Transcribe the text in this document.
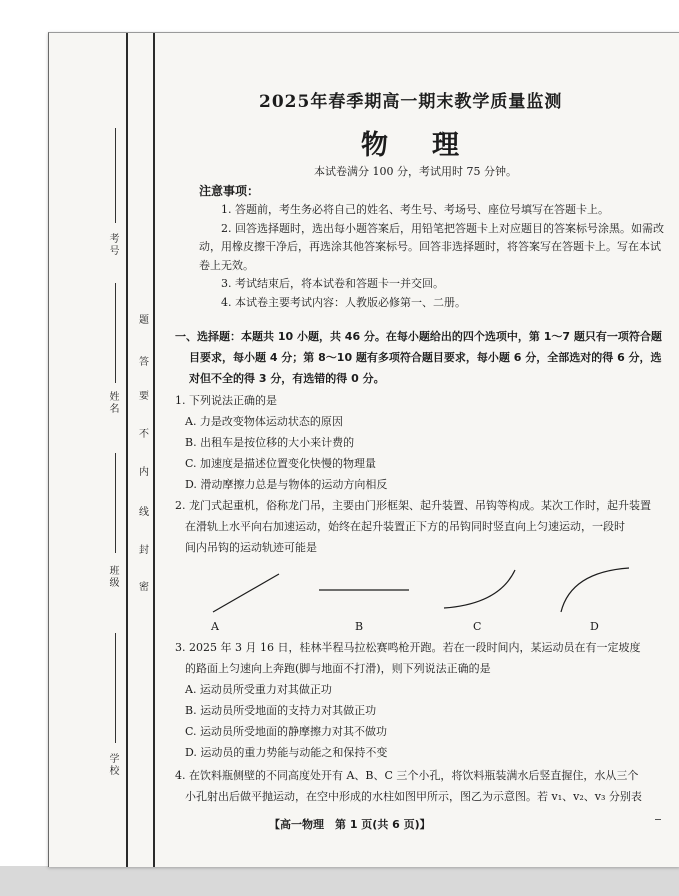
考号
姓名
班级
学校
题
答
要
不
内
线
封
密
2025年春季期高一期末教学质量监测
物理
本试卷满分 100 分，考试用时 75 分钟。
注意事项：

1. 答题前，考生务必将自己的姓名、考生号、考场号、座位号填写在答题卡上。

2. 回答选择题时，选出每小题答案后，用铅笔把答题卡上对应题目的答案标号涂黑。如需改动，用橡皮擦干净后，再选涂其他答案标号。回答非选择题时，将答案写在答题卡上。写在本试卷上无效。

3. 考试结束后，将本试卷和答题卡一并交回。

4. 本试卷主要考试内容：人教版必修第一、二册。

一、选择题：本题共 10 小题，共 46 分。在每小题给出的四个选项中，第 1～7 题只有一项符合题
目要求，每小题 4 分；第 8～10 题有多项符合题目要求，每小题 6 分，全部选对的得 6 分，选
对但不全的得 3 分，有选错的得 0 分。
1. 下列说法正确的是
A. 力是改变物体运动状态的原因
B. 出租车是按位移的大小来计费的
C. 加速度是描述位置变化快慢的物理量
D. 滑动摩擦力总是与物体的运动方向相反
2. 龙门式起重机，俗称龙门吊，主要由门形框架、起升装置、吊钩等构成。某次工作时，起升装置
在滑轨上水平向右加速运动，始终在起升装置正下方的吊钩同时竖直向上匀速运动，一段时
间内吊钩的运动轨迹可能是
A	B	C	D
3. 2025 年 3 月 16 日，桂林半程马拉松赛鸣枪开跑。若在一段时间内，某运动员在有一定坡度
的路面上匀速向上奔跑(脚与地面不打滑)，则下列说法正确的是
A. 运动员所受重力对其做正功
B. 运动员所受地面的支持力对其做正功
C. 运动员所受地面的静摩擦力对其不做功
D. 运动员的重力势能与动能之和保持不变
4. 在饮料瓶侧壁的不同高度处开有 A、B、C 三个小孔，将饮料瓶装满水后竖直握住，水从三个
小孔射出后做平抛运动，在空中形成的水柱如图甲所示，图乙为示意图。若 v₁、v₂、v₃ 分别表
【高一物理　第 1 页(共 6 页)】
